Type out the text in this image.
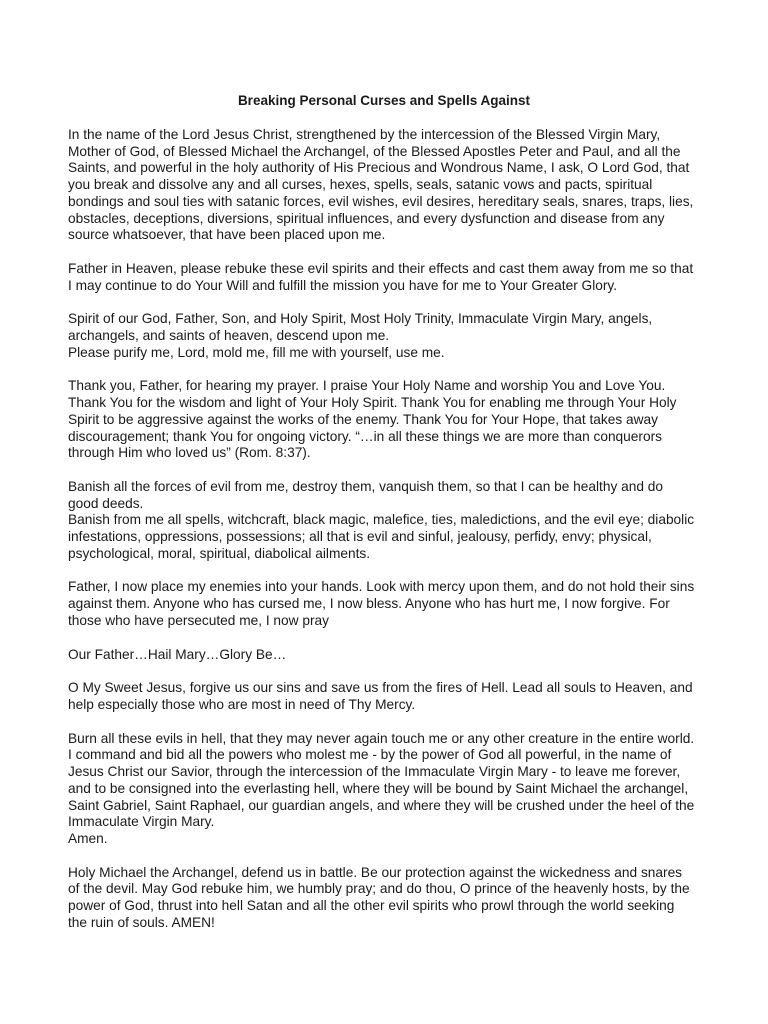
Breaking Personal Curses and Spells Against
In the name of the Lord Jesus Christ, strengthened by the intercession of the Blessed Virgin Mary,
Mother of God, of Blessed Michael the Archangel, of the Blessed Apostles Peter and Paul, and all the
Saints, and powerful in the holy authority of His Precious and Wondrous Name, I ask, O Lord God, that
you break and dissolve any and all curses, hexes, spells, seals, satanic vows and pacts, spiritual
bondings and soul ties with satanic forces, evil wishes, evil desires, hereditary seals, snares, traps, lies,
obstacles, deceptions, diversions, spiritual influences, and every dysfunction and disease from any
source whatsoever, that have been placed upon me.
Father in Heaven, please rebuke these evil spirits and their effects and cast them away from me so that
I may continue to do Your Will and fulfill the mission you have for me to Your Greater Glory.
Spirit of our God, Father, Son, and Holy Spirit, Most Holy Trinity, Immaculate Virgin Mary, angels,
archangels, and saints of heaven, descend upon me.
Please purify me, Lord, mold me, fill me with yourself, use me.
Thank you, Father, for hearing my prayer. I praise Your Holy Name and worship You and Love You.
Thank You for the wisdom and light of Your Holy Spirit. Thank You for enabling me through Your Holy
Spirit to be aggressive against the works of the enemy. Thank You for Your Hope, that takes away
discouragement; thank You for ongoing victory. “…in all these things we are more than conquerors
through Him who loved us” (Rom. 8:37).
Banish all the forces of evil from me, destroy them, vanquish them, so that I can be healthy and do
good deeds.
Banish from me all spells, witchcraft, black magic, malefice, ties, maledictions, and the evil eye; diabolic
infestations, oppressions, possessions; all that is evil and sinful, jealousy, perfidy, envy; physical,
psychological, moral, spiritual, diabolical ailments.
Father, I now place my enemies into your hands. Look with mercy upon them, and do not hold their sins
against them. Anyone who has cursed me, I now bless. Anyone who has hurt me, I now forgive. For
those who have persecuted me, I now pray
Our Father…Hail Mary…Glory Be…
O My Sweet Jesus, forgive us our sins and save us from the fires of Hell. Lead all souls to Heaven, and
help especially those who are most in need of Thy Mercy.
Burn all these evils in hell, that they may never again touch me or any other creature in the entire world.
I command and bid all the powers who molest me - by the power of God all powerful, in the name of
Jesus Christ our Savior, through the intercession of the Immaculate Virgin Mary - to leave me forever,
and to be consigned into the everlasting hell, where they will be bound by Saint Michael the archangel,
Saint Gabriel, Saint Raphael, our guardian angels, and where they will be crushed under the heel of the
Immaculate Virgin Mary.
Amen.
Holy Michael the Archangel, defend us in battle. Be our protection against the wickedness and snares
of the devil. May God rebuke him, we humbly pray; and do thou, O prince of the heavenly hosts, by the
power of God, thrust into hell Satan and all the other evil spirits who prowl through the world seeking
the ruin of souls. AMEN!
